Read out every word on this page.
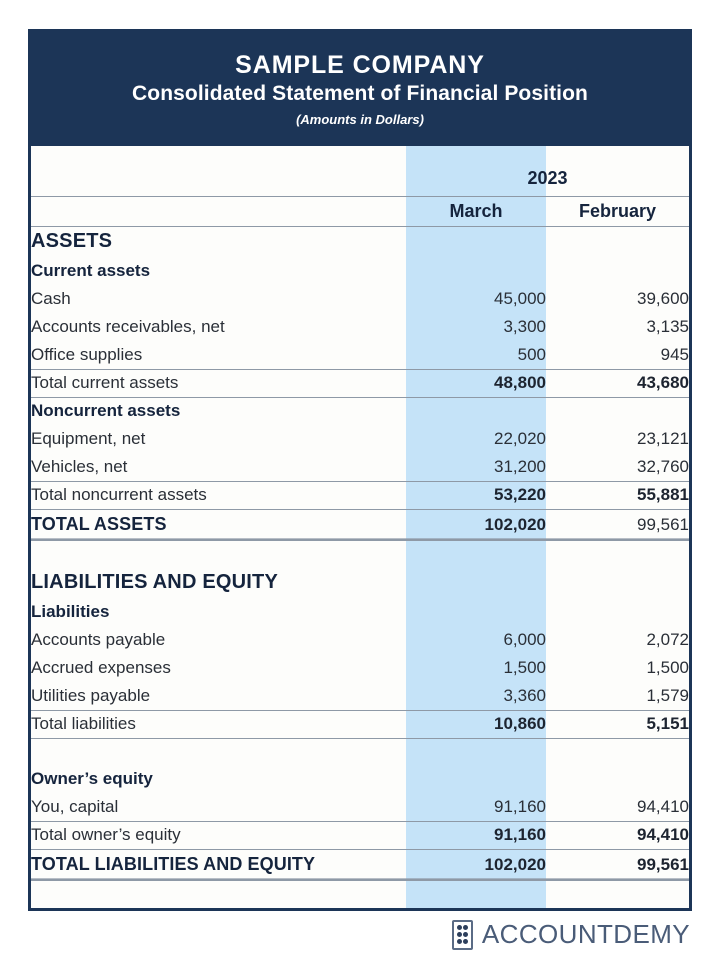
SAMPLE COMPANY
Consolidated Statement of Financial Position
(Amounts in Dollars)

	2023	
	March	February
ASSETS		
Current assets		
Cash	45,000	39,600
Accounts receivables, net	3,300	3,135
Office supplies	500	945
Total current assets	48,800	43,680
Noncurrent assets		
Equipment, net	22,020	23,121
Vehicles, net	31,200	32,760
Total noncurrent assets	53,220	55,881
TOTAL ASSETS	102,020	99,561

LIABILITIES AND EQUITY		
Liabilities		
Accounts payable	6,000	2,072
Accrued expenses	1,500	1,500
Utilities payable	3,360	1,579
Total liabilities	10,860	5,151

Owner’s equity		
You, capital	91,160	94,410
Total owner’s equity	91,160	94,410
TOTAL LIABILITIES AND EQUITY	102,020	99,561
ACCOUNTDEMY
